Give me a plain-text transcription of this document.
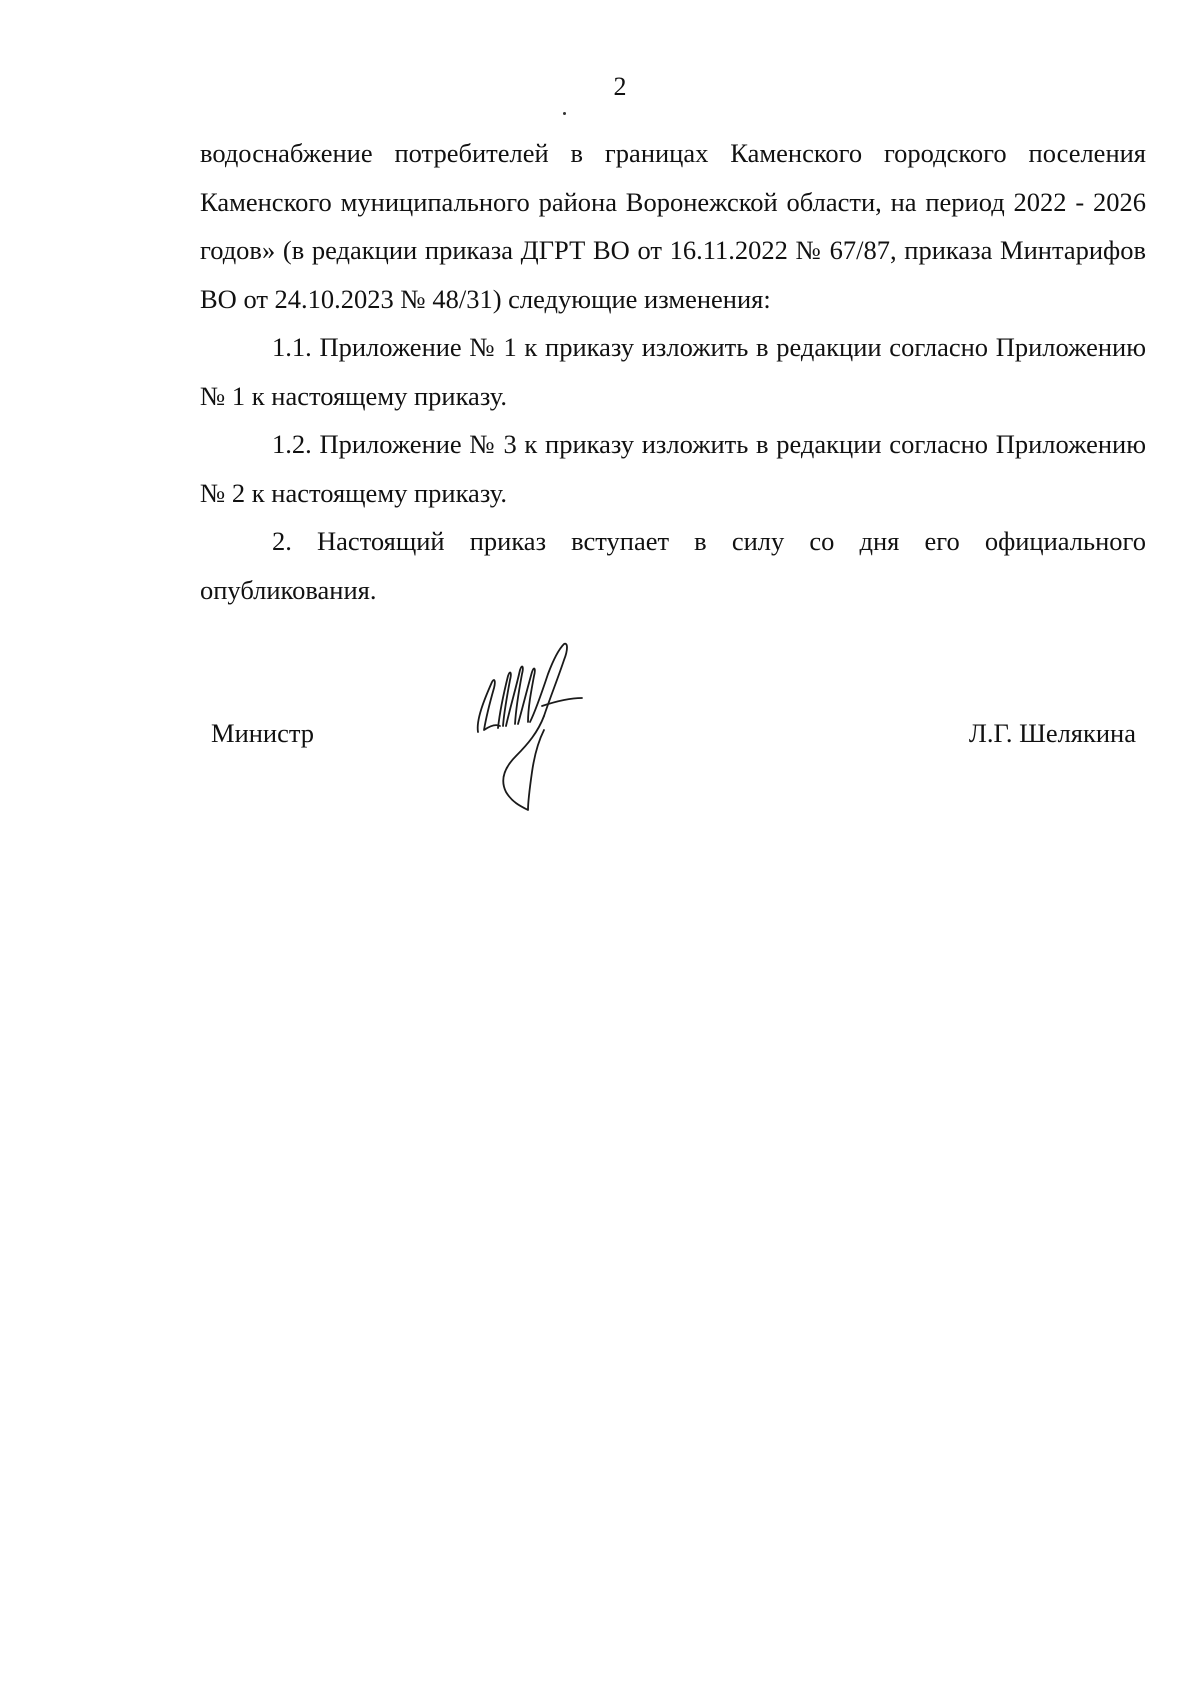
2

водоснабжение потребителей в границах Каменского городского поселения Каменского муниципального района Воронежской области, на период 2022 - 2026 годов» (в редакции приказа ДГРТ ВО от 16.11.2022 № 67/87, приказа Минтарифов ВО от 24.10.2023 № 48/31) следующие изменения:

1.1. Приложение № 1 к приказу изложить в редакции согласно Приложению № 1 к настоящему приказу.

1.2. Приложение № 3 к приказу изложить в редакции согласно Приложению № 2 к настоящему приказу.

2. Настоящий приказ вступает в силу со дня его официального опубликования.

Министр	Л.Г. Шелякина
